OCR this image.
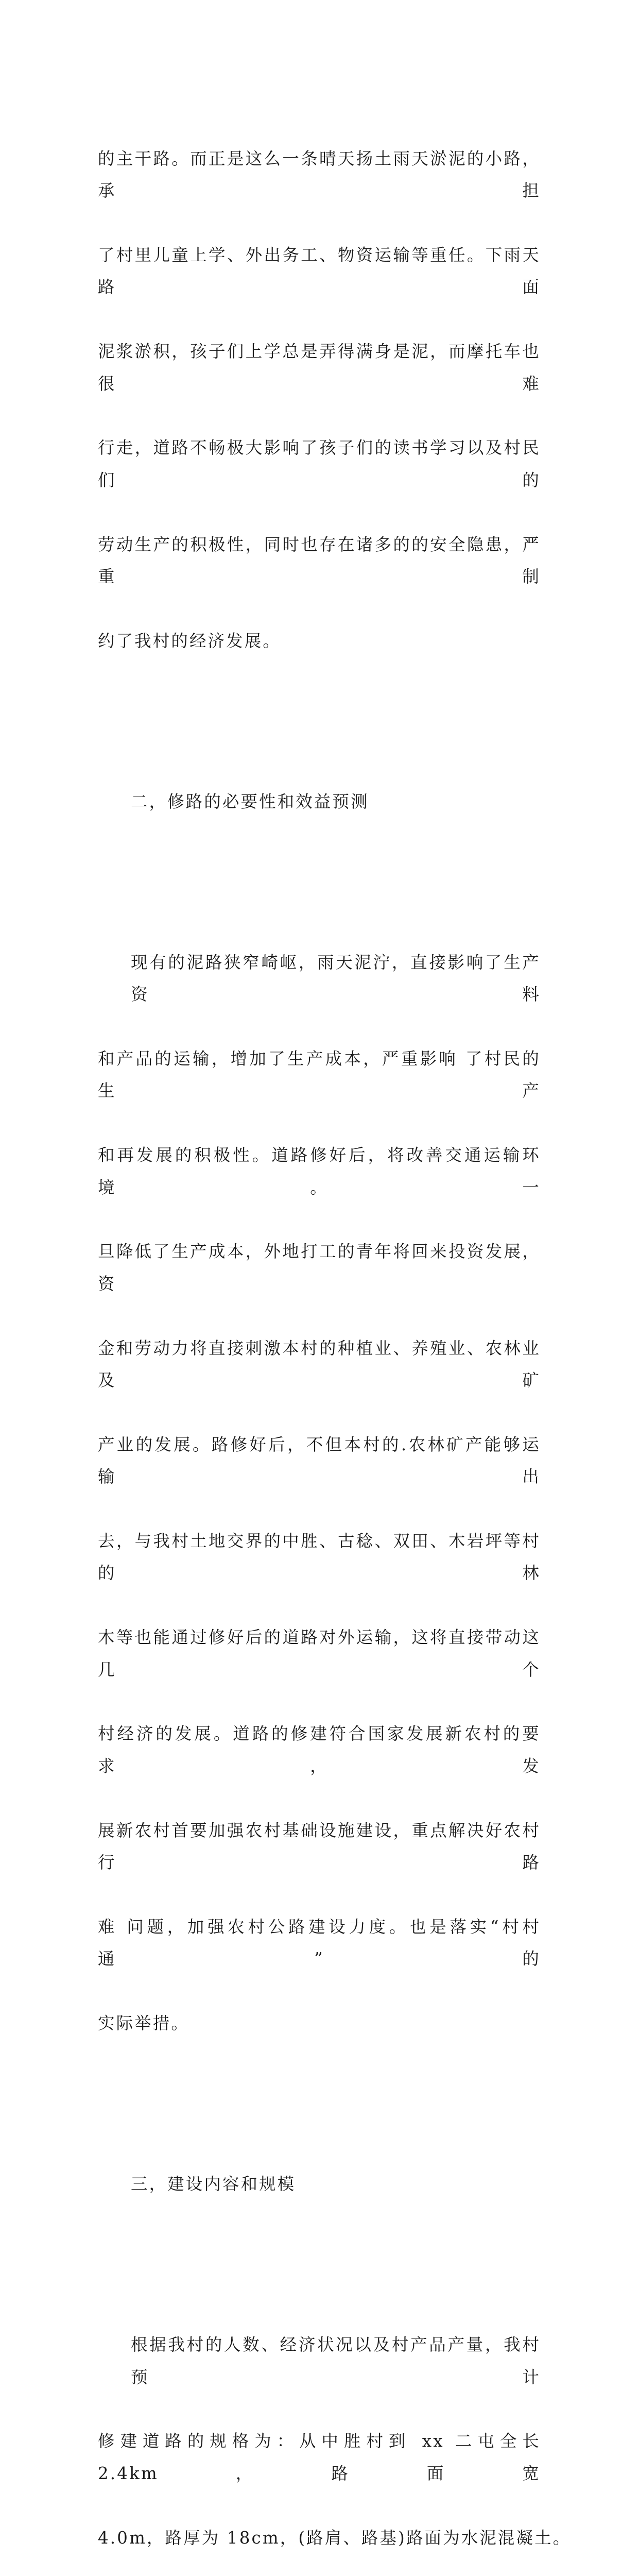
的主干路。而正是这么一条晴天扬土雨天淤泥的小路，承担

了村里儿童上学、外出务工、物资运输等重任。下雨天路面

泥浆淤积，孩子们上学总是弄得满身是泥，而摩托车也很难

行走，道路不畅极大影响了孩子们的读书学习以及村民们的

劳动生产的积极性，同时也存在诸多的的安全隐患，严重制

约了我村的经济发展。

二，修路的必要性和效益预测

现有的泥路狭窄崎岖，雨天泥泞，直接影响了生产资料

和产品的运输，增加了生产成本，严重影响 了村民的生产

和再发展的积极性。道路修好后，将改善交通运输环境。一

旦降低了生产成本，外地打工的青年将回来投资发展， 资

金和劳动力将直接刺激本村的种植业、养殖业、农林业及矿

产业的发展。路修好后，不但本村的.农林矿产能够运输出

去，与我村土地交界的中胜、古稔、双田、木岩坪等村的林

木等也能通过修好后的道路对外运输，这将直接带动这几个

村经济的发展。道路的修建符合国家发展新农村的要求，发

展新农村首要加强农村基础设施建设，重点解决好农村行路

难 问题，加强农村公路建设力度。也是落实“村村通”的

实际举措。

三，建设内容和规模

根据我村的人数、经济状况以及村产品产量，我村预计

修建道路的规格为：从中胜村到 xx 二屯全长 2.4km，路面宽

4.0m，路厚为 18cm，(路肩、路基)路面为水泥混凝土。
